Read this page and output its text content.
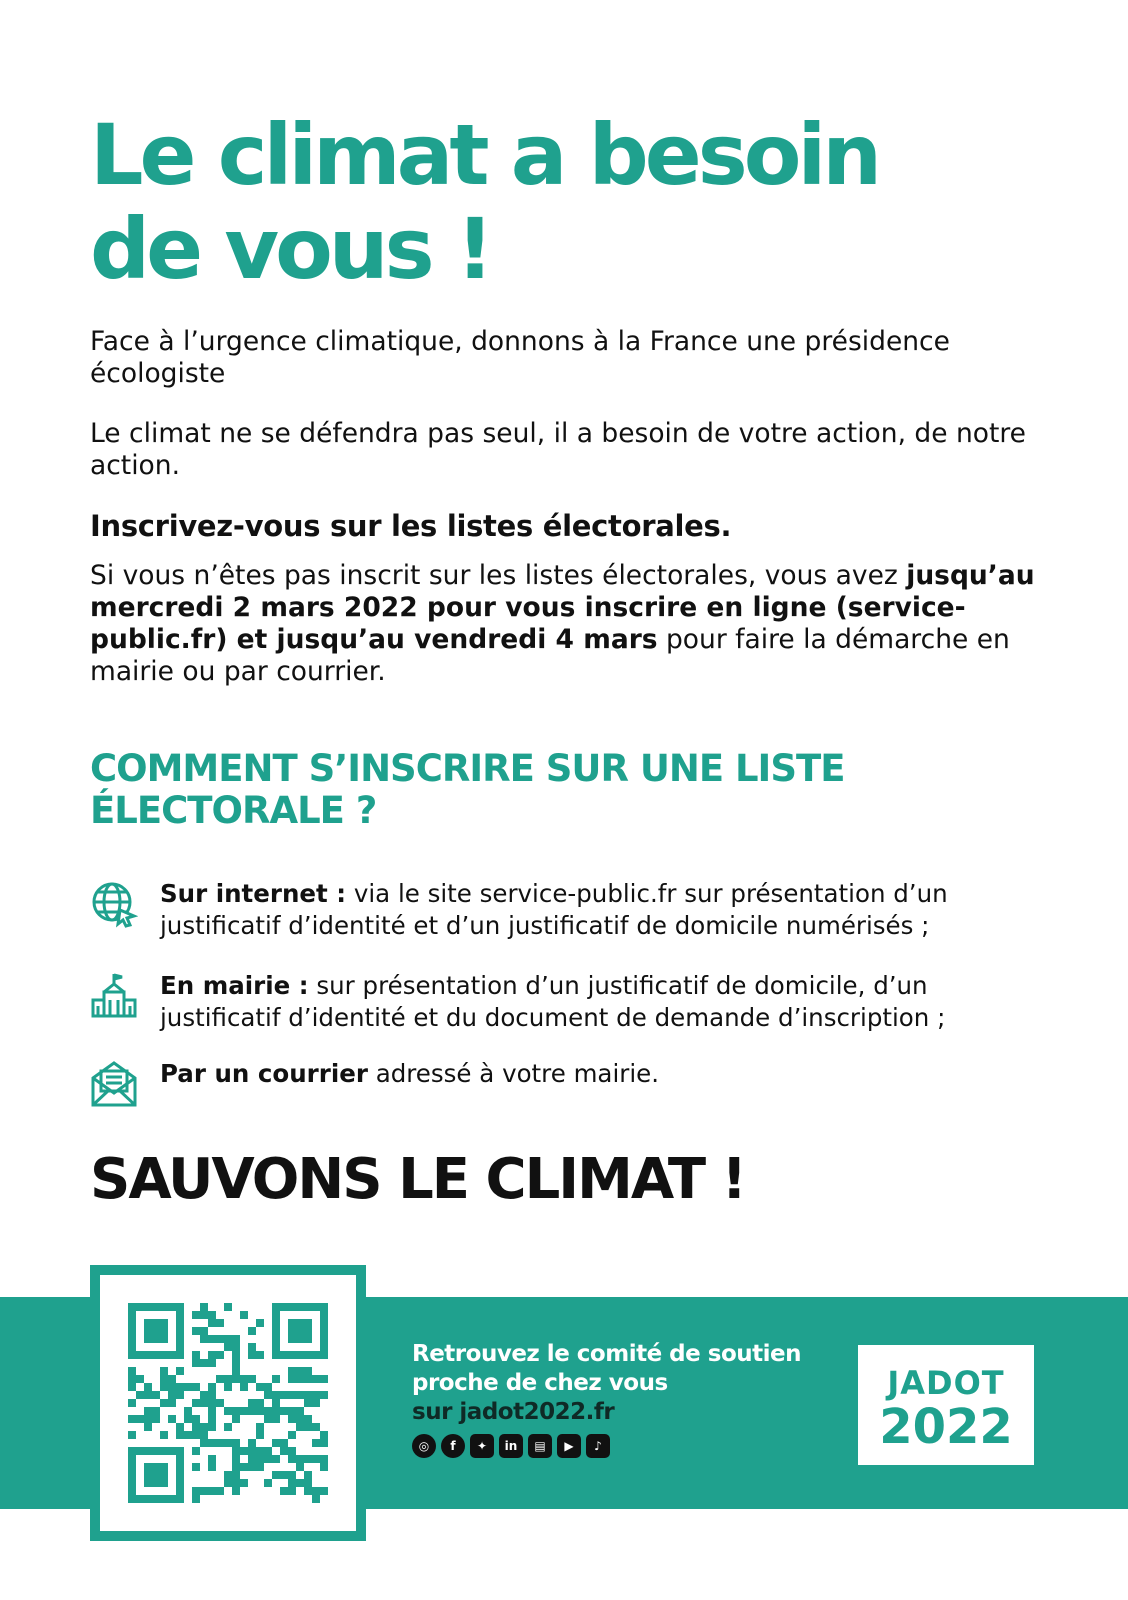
Le climat a besoin
de vous !

Face à l’urgence climatique, donnons à la France une présidence écologiste

Le climat ne se défendra pas seul, il a besoin de votre action, de notre action.

Inscrivez-vous sur les listes électorales.

Si vous n’êtes pas inscrit sur les listes électorales, vous avez jusqu’au mercredi 2 mars 2022 pour vous inscrire en ligne (service-public.fr) et jusqu’au vendredi 4 mars pour faire la démarche en mairie ou par courrier.

COMMENT S’INSCRIRE SUR UNE LISTE ÉLECTORALE ?
Sur internet : via le site service-public.fr sur présentation d’un justificatif d’identité et d’un justificatif de domicile numérisés ;
En mairie : sur présentation d’un justificatif de domicile, d’un justificatif d’identité et du document de demande d’inscription ;
Par un courrier adressé à votre mairie.
SAUVONS LE CLIMAT !
Retrouvez le comité de soutien
proche de chez vous
sur jadot2022.fr
◎	f	✦	in	▤	▶	♪
JADOT
2022
